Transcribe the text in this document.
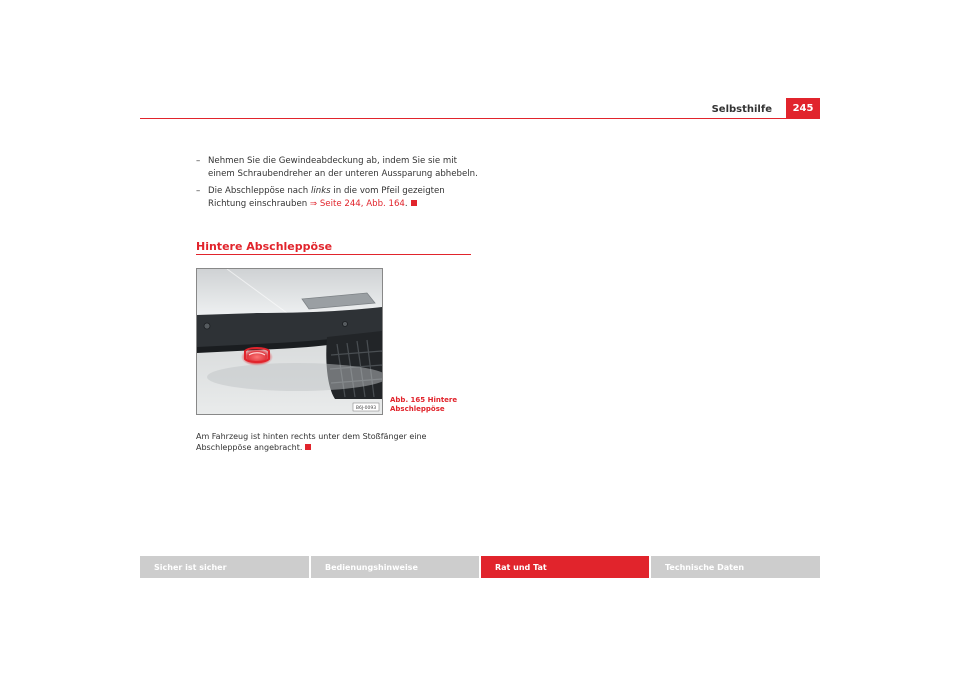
Selbsthilfe	245
– Nehmen Sie die Gewindeabdeckung ab, indem Sie sie mit einem Schraubendreher an der unteren Aussparung abhebeln.
– Die Abschleppöse nach links in die vom Pfeil gezeigten Richtung einschrauben ⇒ Seite 244, Abb. 164.
Hintere Abschleppöse
B6J-0093
Abb. 165 Hintere Abschleppöse
Am Fahrzeug ist hinten rechts unter dem Stoßfänger eine Abschleppöse angebracht.
Sicher ist sicher	Bedienungshinweise	Rat und Tat	Technische Daten
